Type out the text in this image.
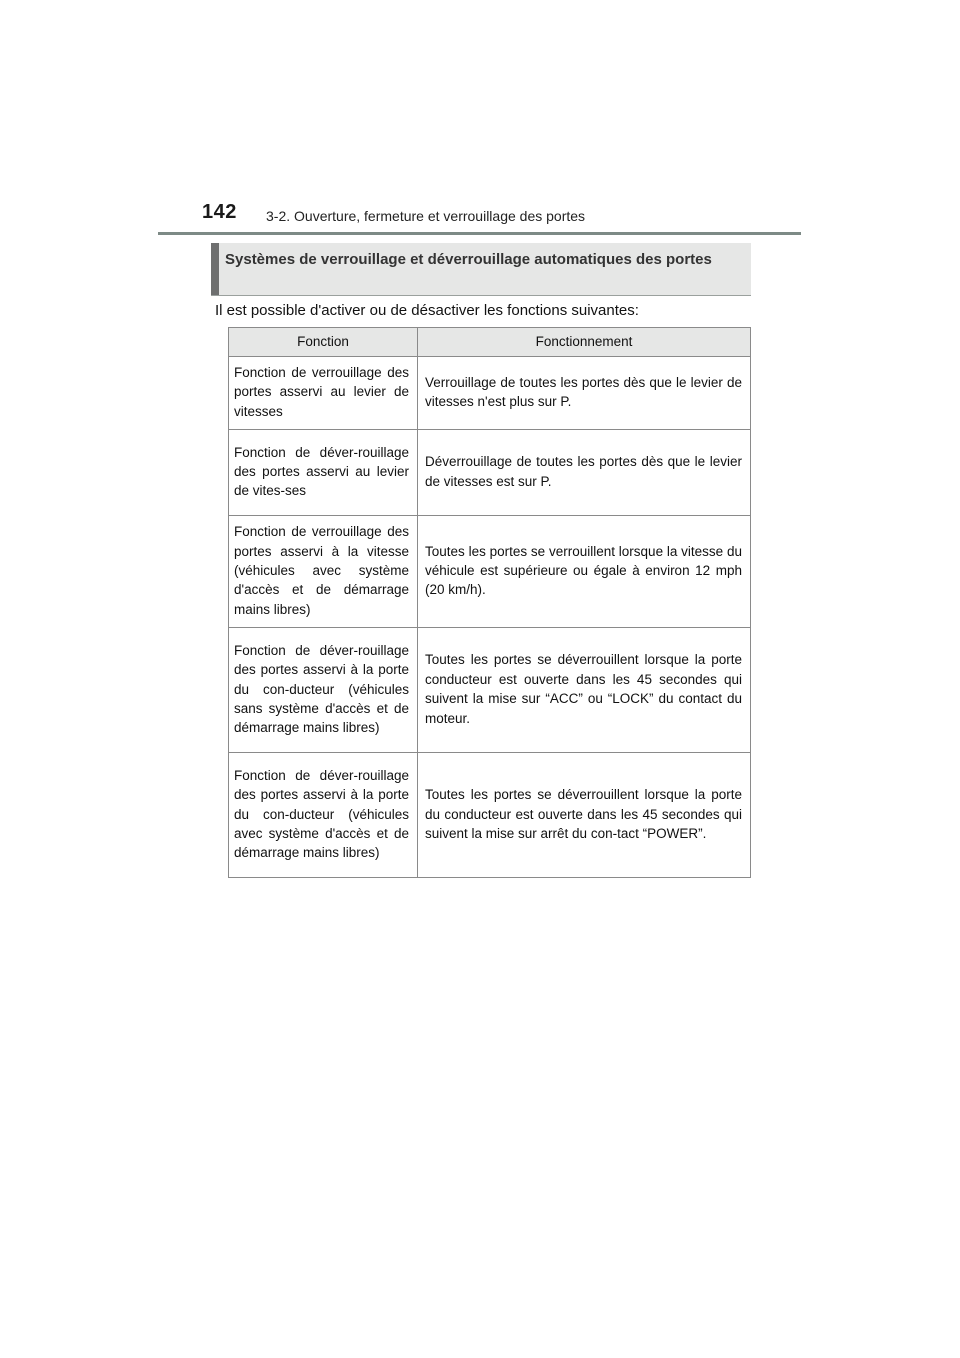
142 3-2. Ouverture, fermeture et verrouillage des portes
Systèmes de verrouillage et déverrouillage automatiques des portes
Il est possible d'activer ou de désactiver les fonctions suivantes:
Fonction	Fonctionnement
Fonction de verrouillage des portes asservi au levier de vitesses	Verrouillage de toutes les portes dès que le levier de vitesses n'est plus sur P.
Fonction de déver-rouillage des portes asservi au levier de vites-ses	Déverrouillage de toutes les portes dès que le levier de vitesses est sur P.
Fonction de verrouillage des portes asservi à la vitesse (véhicules avec système d'accès et de démarrage mains libres)	Toutes les portes se verrouillent lorsque la vitesse du véhicule est supérieure ou égale à environ 12 mph (20 km/h).
Fonction de déver-rouillage des portes asservi à la porte du con-ducteur (véhicules sans système d'accès et de démarrage mains libres)	Toutes les portes se déverrouillent lorsque la porte conducteur est ouverte dans les 45 secondes qui suivent la mise sur “ACC” ou “LOCK” du contact du moteur.
Fonction de déver-rouillage des portes asservi à la porte du con-ducteur (véhicules avec système d'accès et de démarrage mains libres)	Toutes les portes se déverrouillent lorsque la porte du conducteur est ouverte dans les 45 secondes qui suivent la mise sur arrêt du con-tact “POWER”.
